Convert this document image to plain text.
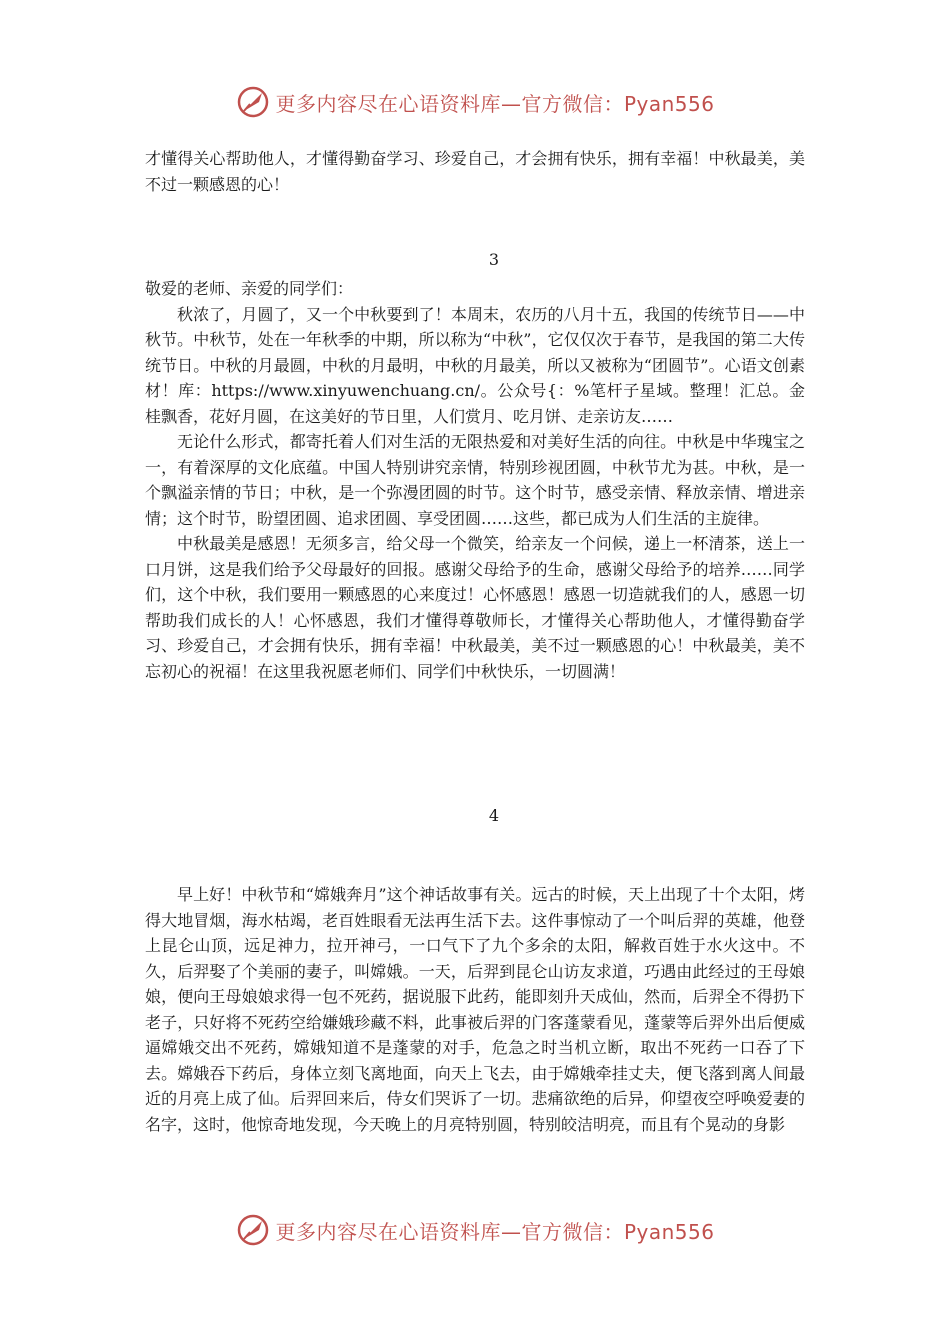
更多内容尽在心语资料库—官方微信：Pyan556

才懂得关心帮助他人，才懂得勤奋学习、珍爱自己，才会拥有快乐，拥有幸福！中秋最美，美不过一颗感恩的心！

3

敬爱的老师、亲爱的同学们：

秋浓了，月圆了，又一个中秋要到了！本周末，农历的八月十五，我国的传统节日——中秋节。中秋节，处在一年秋季的中期，所以称为“中秋”，它仅仅次于春节，是我国的第二大传统节日。中秋的月最圆，中秋的月最明，中秋的月最美，所以又被称为“团圆节”。心语文创素材！库：https://www.xinyuwenchuang.cn/。公众号{：%笔杆子星域。整理！汇总。金桂飘香，花好月圆，在这美好的节日里，人们赏月、吃月饼、走亲访友……

无论什么形式，都寄托着人们对生活的无限热爱和对美好生活的向往。中秋是中华瑰宝之一，有着深厚的文化底蕴。中国人特别讲究亲情，特别珍视团圆，中秋节尤为甚。中秋，是一个飘溢亲情的节日；中秋，是一个弥漫团圆的时节。这个时节，感受亲情、释放亲情、增进亲情；这个时节，盼望团圆、追求团圆、享受团圆……这些，都已成为人们生活的主旋律。

中秋最美是感恩！无须多言，给父母一个微笑，给亲友一个问候，递上一杯清茶，送上一口月饼，这是我们给予父母最好的回报。感谢父母给予的生命，感谢父母给予的培养……同学们，这个中秋，我们要用一颗感恩的心来度过！心怀感恩！感恩一切造就我们的人，感恩一切帮助我们成长的人！心怀感恩，我们才懂得尊敬师长，才懂得关心帮助他人，才懂得勤奋学习、珍爱自己，才会拥有快乐，拥有幸福！中秋最美，美不过一颗感恩的心！中秋最美，美不忘初心的祝福！在这里我祝愿老师们、同学们中秋快乐，一切圆满！

4

早上好！中秋节和“嫦娥奔月”这个神话故事有关。远古的时候，天上出现了十个太阳，烤得大地冒烟，海水枯竭，老百姓眼看无法再生活下去。这件事惊动了一个叫后羿的英雄，他登上昆仑山顶，远足神力，拉开神弓，一口气下了九个多余的太阳，解救百姓于水火这中。不久，后羿娶了个美丽的妻子，叫嫦娥。一天，后羿到昆仑山访友求道，巧遇由此经过的王母娘娘，便向王母娘娘求得一包不死药，据说服下此药，能即刻升天成仙，然而，后羿全不得扔下老子，只好将不死药空给嫌娥珍藏不料，此事被后羿的门客蓬蒙看见，蓬蒙等后羿外出后便威逼嫦娥交出不死药，嫦娥知道不是蓬蒙的对手，危急之时当机立断，取出不死药一口吞了下去。嫦娥吞下药后，身体立刻飞离地面，向天上飞去，由于嫦娥牵挂丈夫，便飞落到离人间最近的月亮上成了仙。后羿回来后，侍女们哭诉了一切。悲痛欲绝的后异，仰望夜空呼唤爱妻的名字，这时，他惊奇地发现，今天晚上的月亮特别圆，特别皎洁明亮，而且有个晃动的身影

更多内容尽在心语资料库—官方微信：Pyan556
